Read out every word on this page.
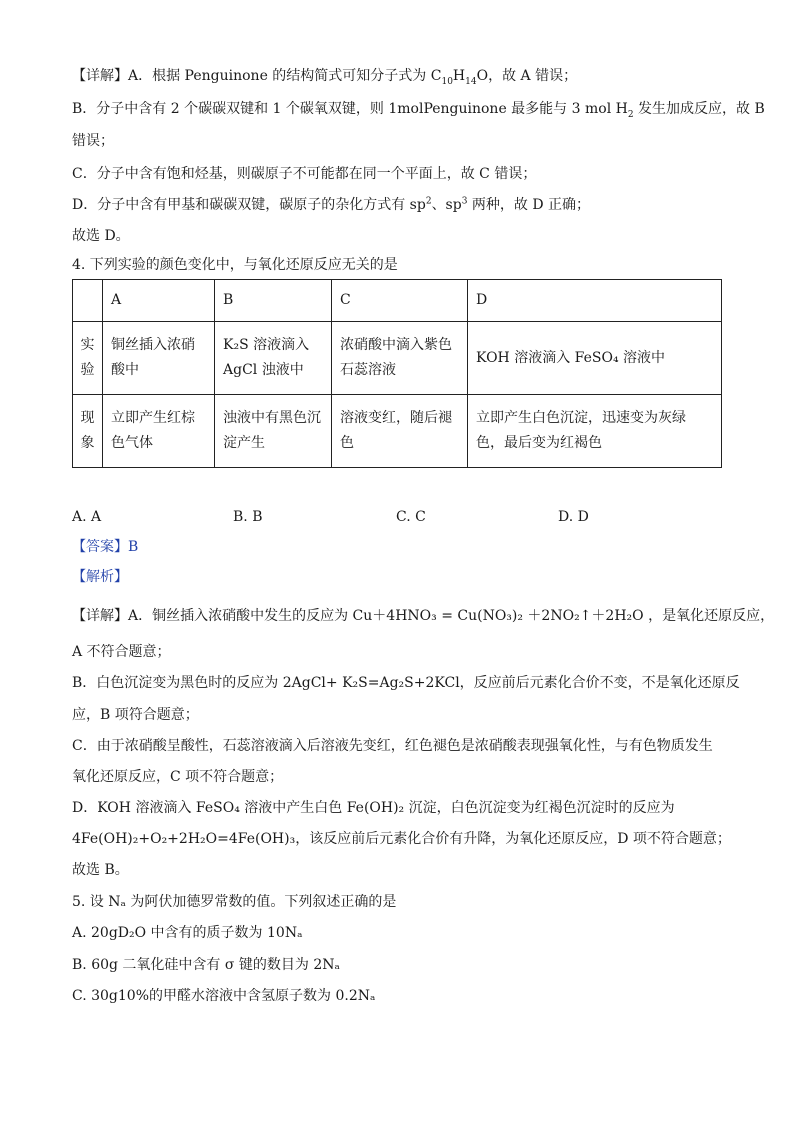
【详解】A．根据 Penguinone 的结构简式可知分子式为 $C_{10}H_{14}O$，故 A 错误；
B．分子中含有 2 个碳碳双键和 1 个碳氧双键，则 1molPenguinone 最多能与 3 mol $H_2$ 发生加成反应，故 B
错误；
C．分子中含有饱和烃基，则碳原子不可能都在同一个平面上，故 C 错误；
D．分子中含有甲基和碳碳双键，碳原子的杂化方式有 $sp^2$、$sp^3$ 两种，故 D 正确；
故选 D。
4. 下列实验的颜色变化中，与氧化还原反应无关的是
	A	B	C	D
实验	铜丝插入浓硝酸中	K₂S 溶液滴入 AgCl 浊液中	浓硝酸中滴入紫色石蕊溶液	KOH 溶液滴入 FeSO₄ 溶液中
现象	立即产生红棕色气体	浊液中有黑色沉淀产生	溶液变红，随后褪色	立即产生白色沉淀，迅速变为灰绿色，最后变为红褐色
A. A	B. B	C. C	D. D
【答案】B
【解析】
【详解】A．铜丝插入浓硝酸中发生的反应为 Cu＋4HNO₃ = Cu(NO₃)₂ ＋2NO₂↑＋2H₂O ，是氧化还原反应，
A 不符合题意；
B．白色沉淀变为黑色时的反应为 2AgCl+ K₂S=Ag₂S+2KCl，反应前后元素化合价不变，不是氧化还原反
应，B 项符合题意；
C．由于浓硝酸呈酸性，石蕊溶液滴入后溶液先变红，红色褪色是浓硝酸表现强氧化性，与有色物质发生
氧化还原反应，C 项不符合题意；
D．KOH 溶液滴入 FeSO₄ 溶液中产生白色 Fe(OH)₂ 沉淀，白色沉淀变为红褐色沉淀时的反应为
4Fe(OH)₂+O₂+2H₂O=4Fe(OH)₃，该反应前后元素化合价有升降，为氧化还原反应，D 项不符合题意；
故选 B。
5. 设 Nₐ 为阿伏加德罗常数的值。下列叙述正确的是
A. 20gD₂O 中含有的质子数为 10Nₐ
B. 60g 二氧化硅中含有 σ 键的数目为 2Nₐ
C. 30g10%的甲醛水溶液中含氢原子数为 0.2Nₐ
